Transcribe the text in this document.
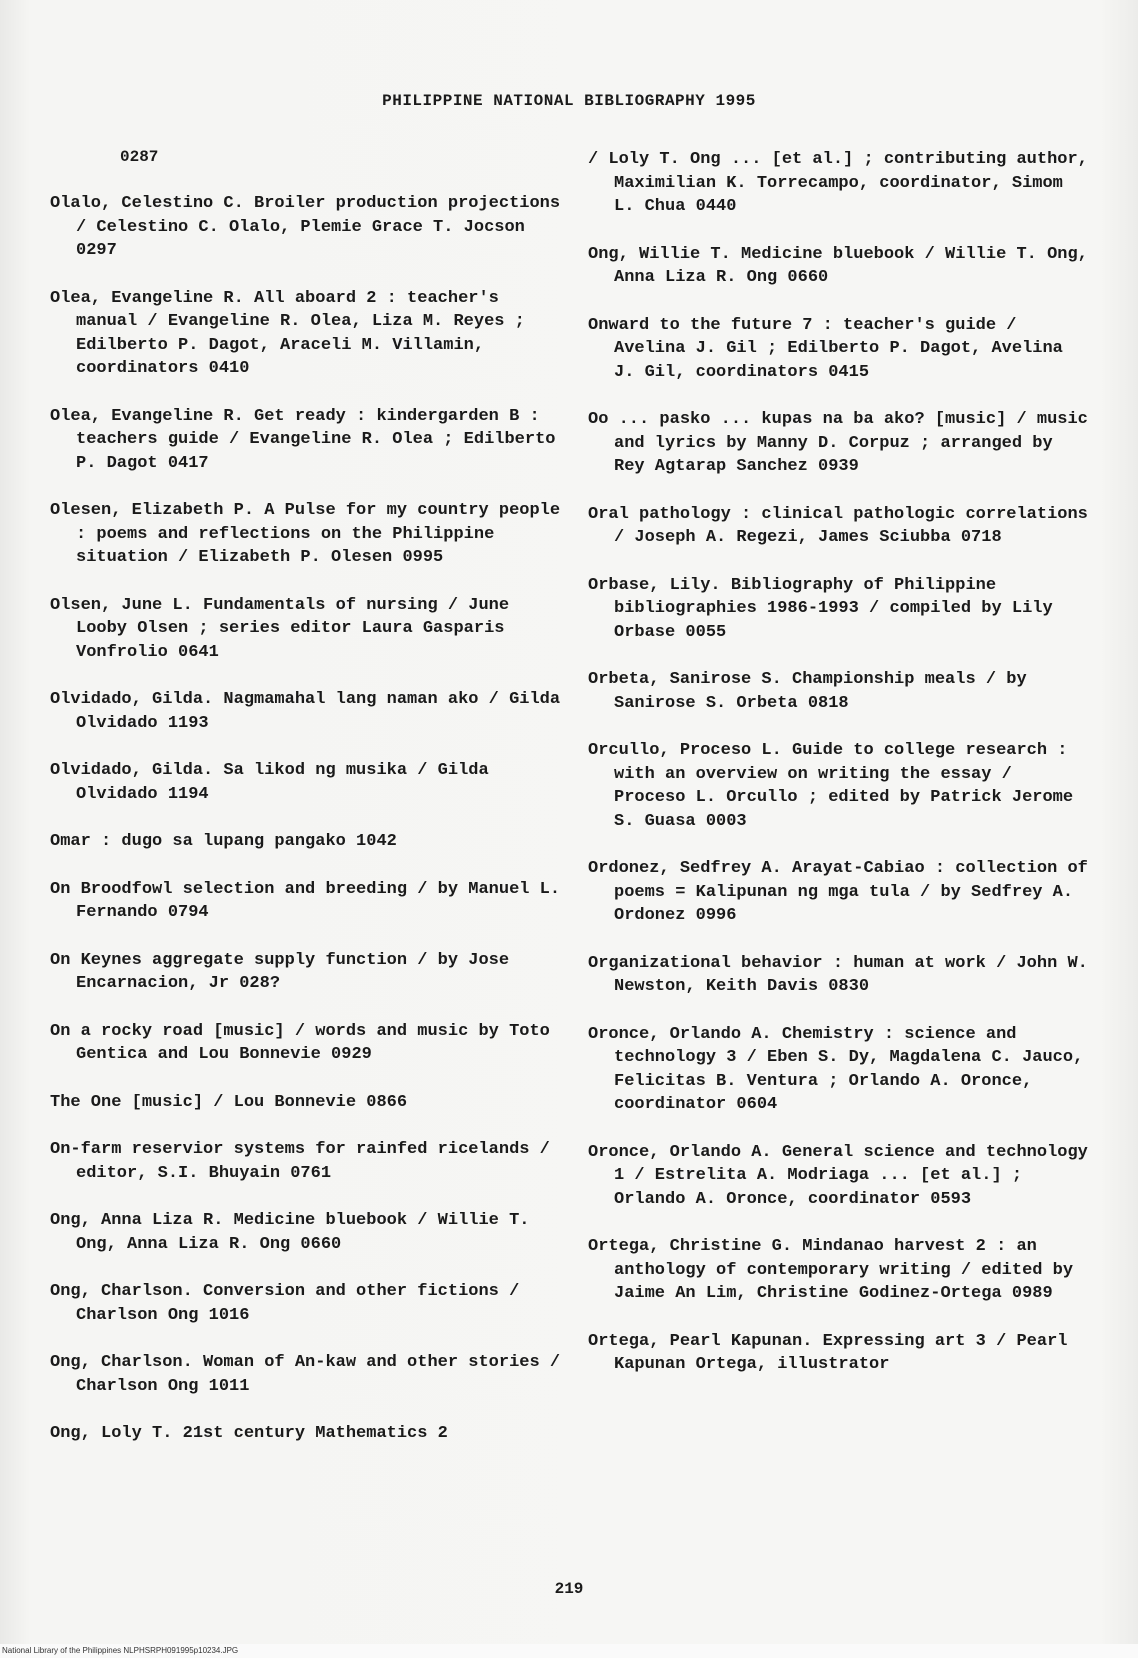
PHILIPPINE NATIONAL BIBLIOGRAPHY 1995
0287
Olalo, Celestino C. Broiler production projections / Celestino C. Olalo, Plemie Grace T. Jocson 0297
Olea, Evangeline R. All aboard 2 : teacher's manual / Evangeline R. Olea, Liza M. Reyes ; Edilberto P. Dagot, Araceli M. Villamin, coordinators 0410
Olea, Evangeline R. Get ready : kindergarden B : teachers guide / Evangeline R. Olea ; Edilberto P. Dagot 0417
Olesen, Elizabeth P. A Pulse for my country people : poems and reflections on the Philippine situation / Elizabeth P. Olesen 0995
Olsen, June L. Fundamentals of nursing / June Looby Olsen ; series editor Laura Gasparis Vonfrolio 0641
Olvidado, Gilda. Nagmamahal lang naman ako / Gilda Olvidado 1193
Olvidado, Gilda. Sa likod ng musika / Gilda Olvidado 1194
Omar : dugo sa lupang pangako 1042
On Broodfowl selection and breeding / by Manuel L. Fernando 0794
On Keynes aggregate supply function / by Jose Encarnacion, Jr 028?
On a rocky road [music] / words and music by Toto Gentica and Lou Bonnevie 0929
The One [music] / Lou Bonnevie 0866
On-farm reservior systems for rainfed ricelands / editor, S.I. Bhuyain 0761
Ong, Anna Liza R. Medicine bluebook / Willie T. Ong, Anna Liza R. Ong 0660
Ong, Charlson. Conversion and other fictions / Charlson Ong 1016
Ong, Charlson. Woman of An-kaw and other stories / Charlson Ong 1011
Ong, Loly T. 21st century Mathematics 2
/ Loly T. Ong ... [et al.] ; contributing author, Maximilian K. Torrecampo, coordinator, Simom L. Chua 0440
Ong, Willie T. Medicine bluebook / Willie T. Ong, Anna Liza R. Ong 0660
Onward to the future 7 : teacher's guide / Avelina J. Gil ; Edilberto P. Dagot, Avelina J. Gil, coordinators 0415
Oo ... pasko ... kupas na ba ako? [music] / music and lyrics by Manny D. Corpuz ; arranged by Rey Agtarap Sanchez 0939
Oral pathology : clinical pathologic correlations / Joseph A. Regezi, James Sciubba 0718
Orbase, Lily. Bibliography of Philippine bibliographies 1986-1993 / compiled by Lily Orbase 0055
Orbeta, Sanirose S. Championship meals / by Sanirose S. Orbeta 0818
Orcullo, Proceso L. Guide to college research : with an overview on writing the essay / Proceso L. Orcullo ; edited by Patrick Jerome S. Guasa 0003
Ordonez, Sedfrey A. Arayat-Cabiao : collection of poems = Kalipunan ng mga tula / by Sedfrey A. Ordonez 0996
Organizational behavior : human at work / John W. Newston, Keith Davis 0830
Oronce, Orlando A. Chemistry : science and technology 3 / Eben S. Dy, Magdalena C. Jauco, Felicitas B. Ventura ; Orlando A. Oronce, coordinator 0604
Oronce, Orlando A. General science and technology 1 / Estrelita A. Modriaga ... [et al.] ; Orlando A. Oronce, coordinator 0593
Ortega, Christine G. Mindanao harvest 2 : an anthology of contemporary writing / edited by Jaime An Lim, Christine Godinez-Ortega 0989
Ortega, Pearl Kapunan. Expressing art 3 / Pearl Kapunan Ortega, illustrator
219
National Library of the Philippines NLPHSRPH091995p10234.JPG
